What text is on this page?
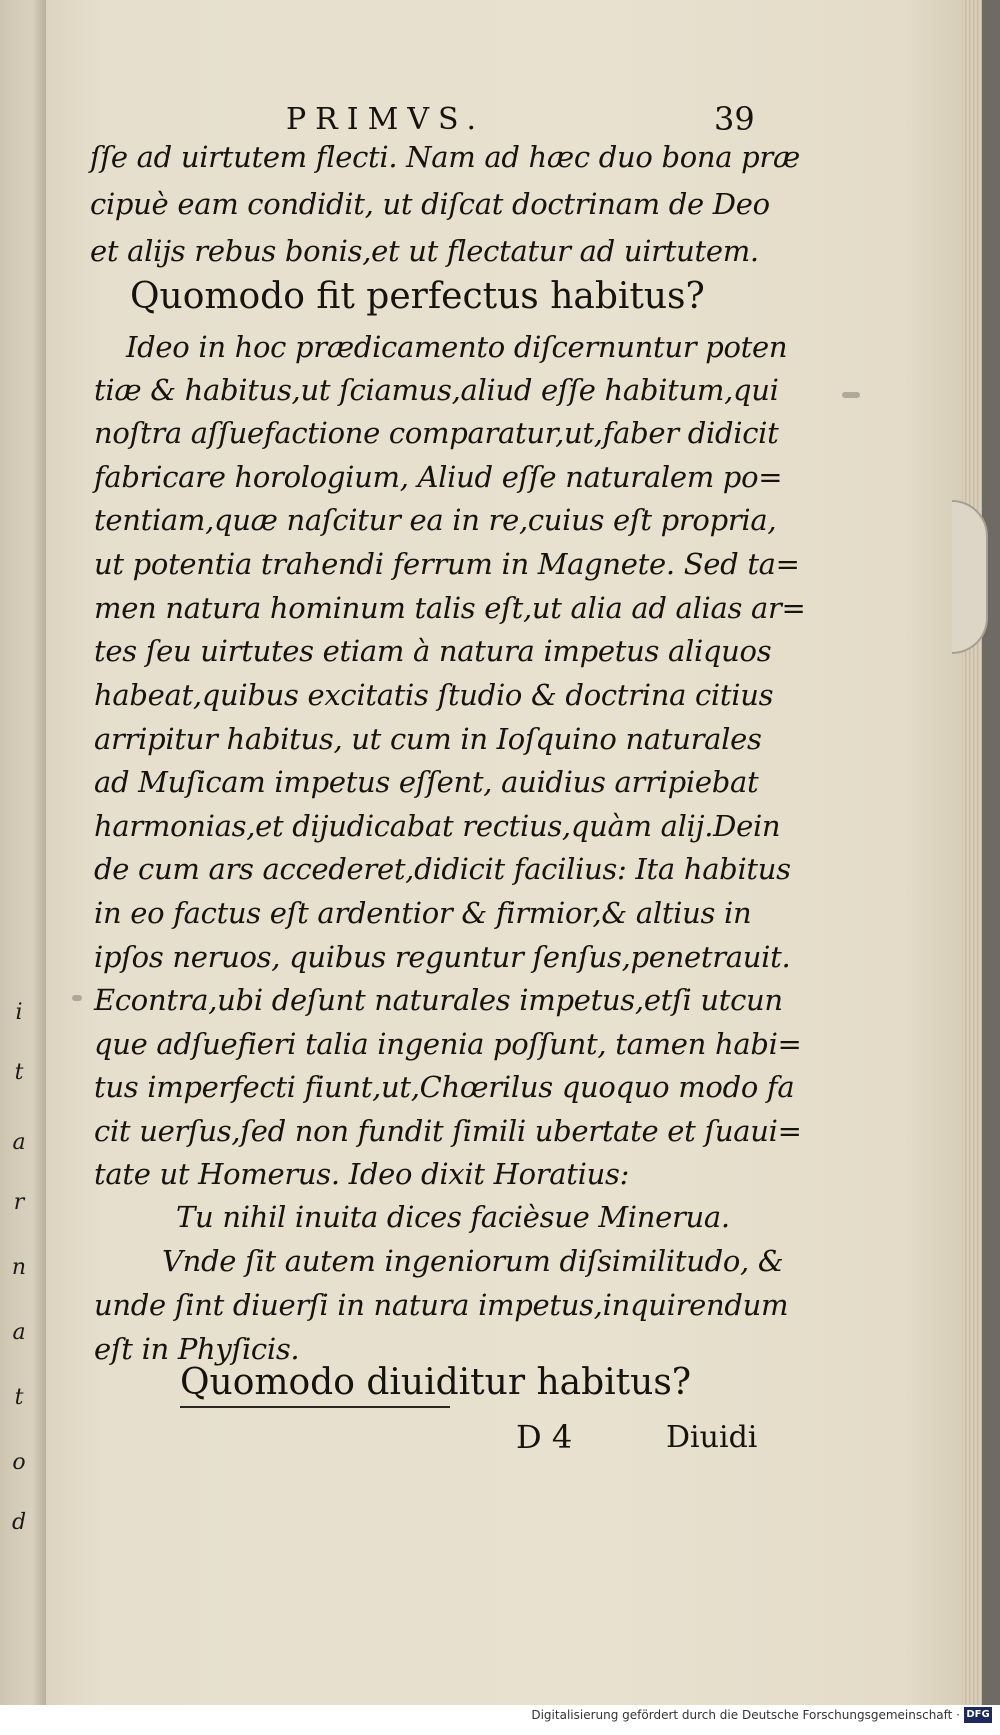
i
t
a
r
n
a
t
o
d
PRIMVS.	39
ſſe ad uirtutem flecti. Nam ad hæc duo bona præ
cipuè eam condidit, ut diſcat doctrinam de Deo
et alijs rebus bonis,et ut flectatur ad uirtutem.
Quomodo fit perfectus habitus?
Ideo in hoc prædicamento diſcernuntur poten
tiæ & habitus,ut ſciamus,aliud eſſe habitum,qui
noſtra aſſuefactione comparatur,ut,faber didicit
fabricare horologium, Aliud eſſe naturalem po=
tentiam,quæ naſcitur ea in re,cuius eſt propria,
ut potentia trahendi ferrum in Magnete. Sed ta=
men natura hominum talis eſt,ut alia ad alias ar=
tes ſeu uirtutes etiam à natura impetus aliquos
habeat,quibus excitatis ſtudio & doctrina citius
arripitur habitus, ut cum in Ioſquino naturales
ad Muſicam impetus eſſent, auidius arripiebat
harmonias,et dijudicabat rectius,quàm alij.Dein
de cum ars accederet,didicit facilius: Ita habitus
in eo factus eſt ardentior & firmior,& altius in
ipſos neruos, quibus reguntur ſenſus,penetrauit.
Econtra,ubi deſunt naturales impetus,etſi utcun
que adſuefieri talia ingenia poſſunt, tamen habi=
tus imperfecti fiunt,ut,Chœrilus quoquo modo fa
cit uerſus,ſed non fundit ſimili ubertate et ſuaui=
tate ut Homerus. Ideo dixit Horatius:
Tu nihil inuita dices facièsue Minerua.
Vnde ſit autem ingeniorum diſsimilitudo, &
unde ſint diuerſi in natura impetus,inquirendum
eſt in Phyſicis.
Quomodo diuiditur habitus?
D 4	Diuidi
Digitalisierung gefördert durch die Deutsche Forschungsgemeinschaft · DFG
